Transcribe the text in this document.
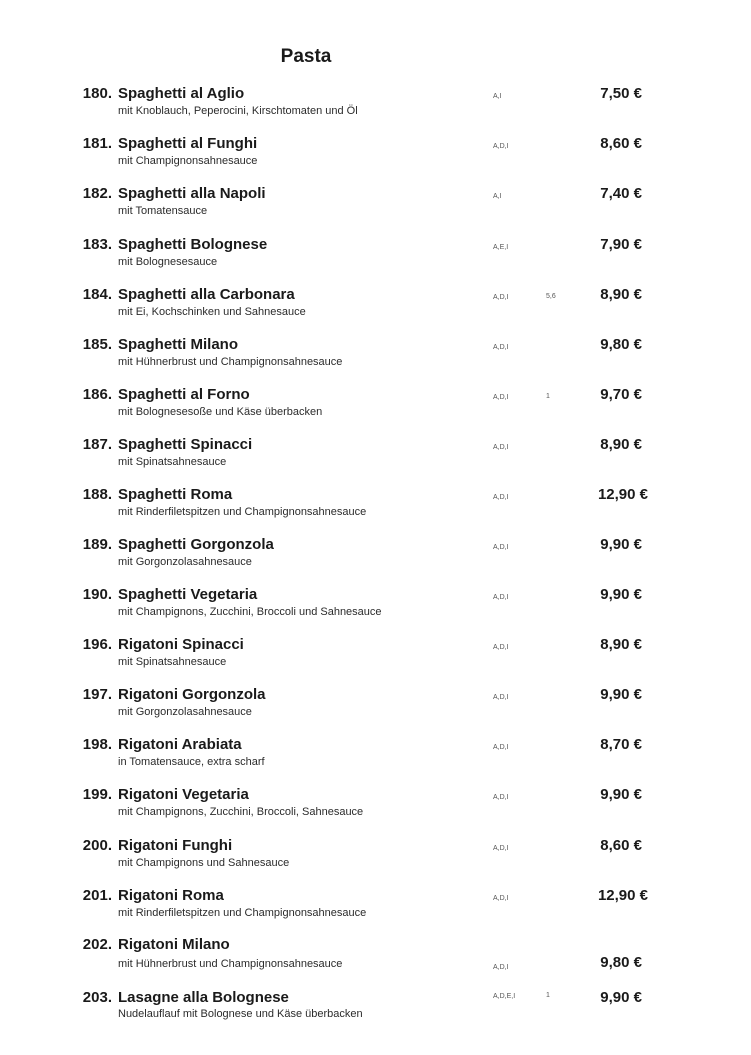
Pasta
180. Spaghetti al Aglio
mit Knoblauch, Peperocini, Kirschtomaten und Öl
A,I	7,50 €
181. Spaghetti al Funghi
mit Champignonsahnesauce
A,D,I	8,60 €
182. Spaghetti alla Napoli
mit Tomatensauce
A,I	7,40 €
183. Spaghetti Bolognese
mit Bolognesesauce
A,E,I	7,90 €
184. Spaghetti alla Carbonara
mit Ei, Kochschinken und Sahnesauce
A,D,I	5,6	8,90 €
185. Spaghetti Milano
mit Hühnerbrust und Champignonsahnesauce
A,D,I	9,80 €
186. Spaghetti al Forno
mit Bolognesesoße und Käse überbacken
A,D,I	1	9,70 €
187. Spaghetti Spinacci
mit Spinatsahnesauce
A,D,I	8,90 €
188. Spaghetti Roma
mit Rinderfiletspitzen und Champignonsahnesauce
A,D,I	12,90 €
189. Spaghetti Gorgonzola
mit Gorgonzolasahnesauce
A,D,I	9,90 €
190. Spaghetti Vegetaria
mit Champignons, Zucchini, Broccoli und Sahnesauce
A,D,I	9,90 €
196. Rigatoni Spinacci
mit Spinatsahnesauce
A,D,I	8,90 €
197. Rigatoni Gorgonzola
mit Gorgonzolasahnesauce
A,D,I	9,90 €
198. Rigatoni Arabiata
in Tomatensauce, extra scharf
A,D,I	8,70 €
199. Rigatoni Vegetaria
mit Champignons, Zucchini, Broccoli, Sahnesauce
A,D,I	9,90 €
200. Rigatoni Funghi
mit Champignons und Sahnesauce
A,D,I	8,60 €
201. Rigatoni Roma
mit Rinderfiletspitzen und Champignonsahnesauce
A,D,I	12,90 €
202. Rigatoni Milano
mit Hühnerbrust und Champignonsahnesauce	A,D,I	9,80 €
203. Lasagne alla Bolognese
Nudelauflauf mit Bolognese und Käse überbacken
A,D,E,I	1	9,90 €
